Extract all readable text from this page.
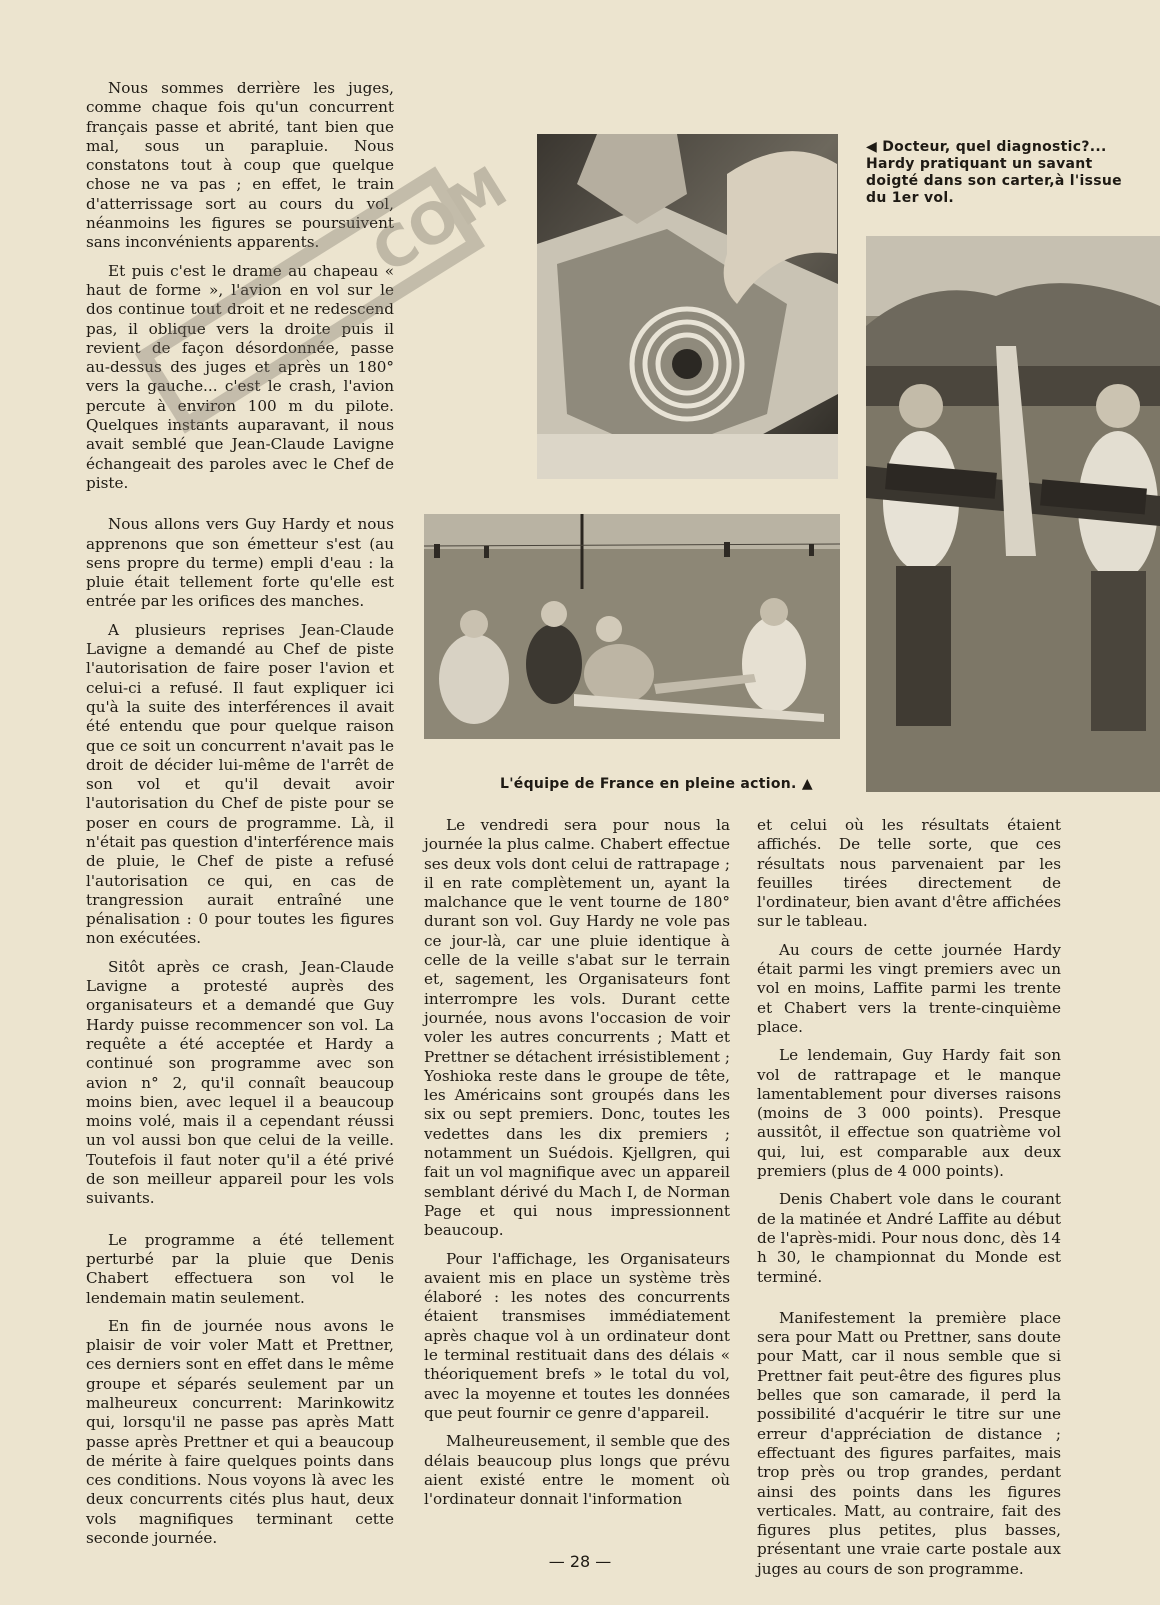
Nous sommes derrière les juges, comme chaque fois qu'un concurrent français passe et abrité, tant bien que mal, sous un parapluie. Nous constatons tout à coup que quelque chose ne va pas ; en effet, le train d'atterrissage sort au cours du vol, néanmoins les figures se poursuivent sans inconvénients apparents.

Et puis c'est le drame au chapeau « haut de forme », l'avion en vol sur le dos continue tout droit et ne redescend pas, il oblique vers la droite puis il revient de façon désordonnée, passe au-dessus des juges et après un 180° vers la gauche... c'est le crash, l'avion percute à environ 100 m du pilote. Quelques instants auparavant, il nous avait semblé que Jean-Claude Lavigne échangeait des paroles avec le Chef de piste.

Nous allons vers Guy Hardy et nous apprenons que son émetteur s'est (au sens propre du terme) empli d'eau : la pluie était tellement forte qu'elle est entrée par les orifices des manches.

A plusieurs reprises Jean-Claude Lavigne a demandé au Chef de piste l'autorisation de faire poser l'avion et celui-ci a refusé. Il faut expliquer ici qu'à la suite des interférences il avait été entendu que pour quelque raison que ce soit un concurrent n'avait pas le droit de décider lui-même de l'arrêt de son vol et qu'il devait avoir l'autorisation du Chef de piste pour se poser en cours de programme. Là, il n'était pas question d'interférence mais de pluie, le Chef de piste a refusé l'autorisation ce qui, en cas de trangression aurait entraîné une pénalisation : 0 pour toutes les figures non exécutées.

Sitôt après ce crash, Jean-Claude Lavigne a protesté auprès des organisateurs et a demandé que Guy Hardy puisse recommencer son vol. La requête a été acceptée et Hardy a continué son programme avec son avion n° 2, qu'il connaît beaucoup moins bien, avec lequel il a beaucoup moins volé, mais il a cependant réussi un vol aussi bon que celui de la veille. Toutefois il faut noter qu'il a été privé de son meilleur appareil pour les vols suivants.

Le programme a été tellement perturbé par la pluie que Denis Chabert effectuera son vol le lendemain matin seulement.

En fin de journée nous avons le plaisir de voir voler Matt et Prettner, ces derniers sont en effet dans le même groupe et séparés seulement par un malheureux concurrent: Marinkowitz qui, lorsqu'il ne passe pas après Matt passe après Prettner et qui a beaucoup de mérite à faire quelques points dans ces conditions. Nous voyons là avec les deux concurrents cités plus haut, deux vols magnifiques terminant cette seconde journée.

Le vendredi sera pour nous la journée la plus calme. Chabert effectue ses deux vols dont celui de rattrapage ; il en rate complètement un, ayant la malchance que le vent tourne de 180° durant son vol. Guy Hardy ne vole pas ce jour-là, car une pluie identique à celle de la veille s'abat sur le terrain et, sagement, les Organisateurs font interrompre les vols. Durant cette journée, nous avons l'occasion de voir voler les autres concurrents ; Matt et Prettner se détachent irrésistiblement ; Yoshioka reste dans le groupe de tête, les Américains sont groupés dans les six ou sept premiers. Donc, toutes les vedettes dans les dix premiers ; notamment un Suédois. Kjellgren, qui fait un vol magnifique avec un appareil semblant dérivé du Mach I, de Norman Page et qui nous impressionnent beaucoup.

Pour l'affichage, les Organisateurs avaient mis en place un système très élaboré : les notes des concurrents étaient transmises immédiatement après chaque vol à un ordinateur dont le terminal restituait dans des délais « théoriquement brefs » le total du vol, avec la moyenne et toutes les données que peut fournir ce genre d'appareil.

Malheureusement, il semble que des délais beaucoup plus longs que prévu aient existé entre le moment où l'ordinateur donnait l'information

et celui où les résultats étaient affichés. De telle sorte, que ces résultats nous parvenaient par les feuilles tirées directement de l'ordinateur, bien avant d'être affichées sur le tableau.

Au cours de cette journée Hardy était parmi les vingt premiers avec un vol en moins, Laffite parmi les trente et Chabert vers la trente-cinquième place.

Le lendemain, Guy Hardy fait son vol de rattrapage et le manque lamentablement pour diverses raisons (moins de 3 000 points). Presque aussitôt, il effectue son quatrième vol qui, lui, est comparable aux deux premiers (plus de 4 000 points).

Denis Chabert vole dans le courant de la matinée et André Laffite au début de l'après-midi. Pour nous donc, dès 14 h 30, le championnat du Monde est terminé.

Manifestement la première place sera pour Matt ou Prettner, sans doute pour Matt, car il nous semble que si Prettner fait peut-être des figures plus belles que son camarade, il perd la possibilité d'acquérir le titre sur une erreur d'appréciation de distance ; effectuant des figures parfaites, mais trop près ou trop grandes, perdant ainsi des points dans les figures verticales. Matt, au contraire, fait des figures plus petites, plus basses, présentant une vraie carte postale aux juges au cours de son programme.

◀ Docteur, quel diagnostic?... Hardy pratiquant un savant doigté dans son carter,à l'issue du 1er vol.
L'équipe de France en pleine action. ▲
COM
— 28 —
